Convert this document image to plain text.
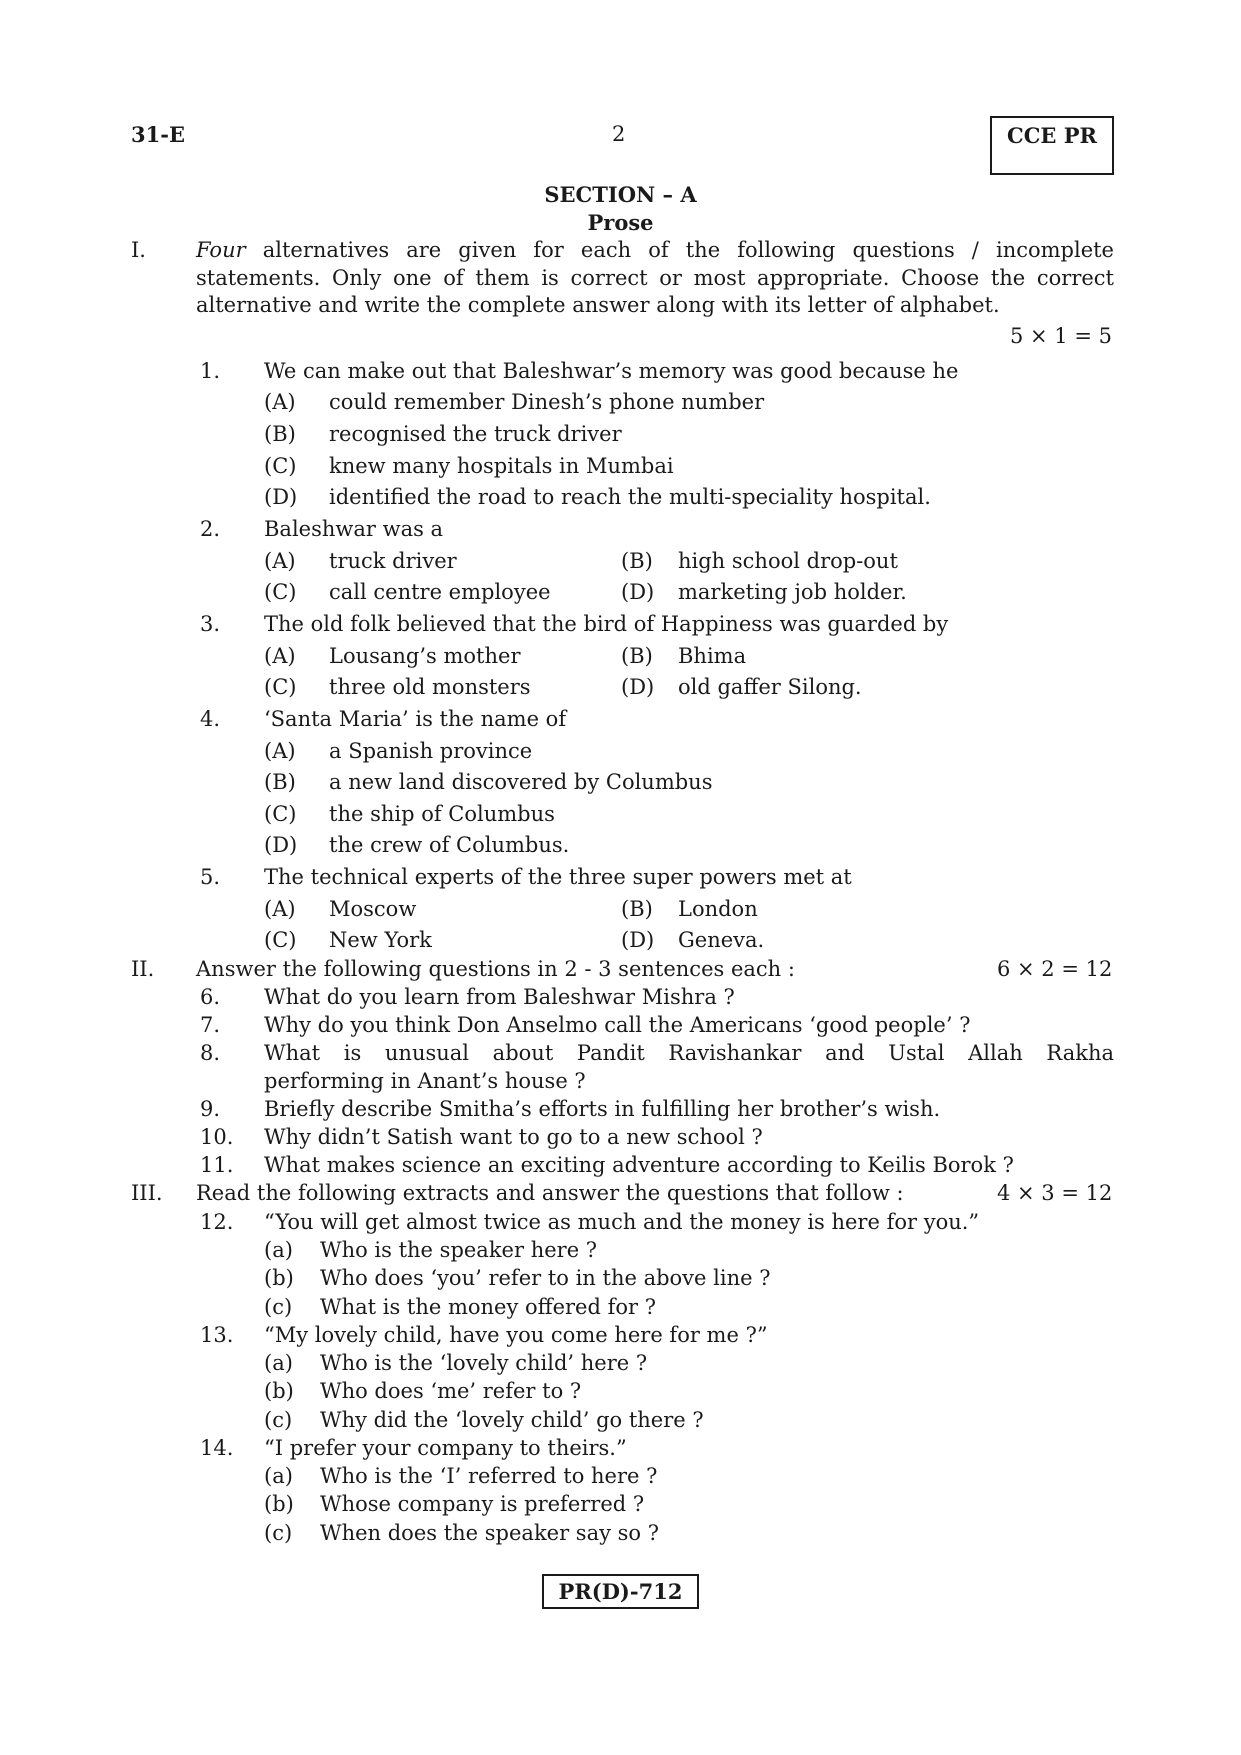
31-E	2	CCE PR
SECTION – A
Prose
I. Four alternatives are given for each of the following questions / incomplete
statements. Only one of them is correct or most appropriate. Choose the correct
alternative and write the complete answer along with its letter of alphabet.
5 × 1 = 5
1. We can make out that Baleshwar’s memory was good because he
(A) could remember Dinesh’s phone number
(B) recognised the truck driver
(C) knew many hospitals in Mumbai
(D) identified the road to reach the multi-speciality hospital.
2. Baleshwar was a
(A) truck driver	(B) high school drop-out
(C) call centre employee	(D) marketing job holder.
3. The old folk believed that the bird of Happiness was guarded by
(A) Lousang’s mother	(B) Bhima
(C) three old monsters	(D) old gaffer Silong.
4. ‘Santa Maria’ is the name of
(A) a Spanish province
(B) a new land discovered by Columbus
(C) the ship of Columbus
(D) the crew of Columbus.
5. The technical experts of the three super powers met at
(A) Moscow	(B) London
(C) New York	(D) Geneva.
II. Answer the following questions in 2 - 3 sentences each :	6 × 2 = 12
6. What do you learn from Baleshwar Mishra ?
7. Why do you think Don Anselmo call the Americans ‘good people’ ?
8. What is unusual about Pandit Ravishankar and Ustal Allah Rakha
performing in Anant’s house ?
9. Briefly describe Smitha’s efforts in fulfilling her brother’s wish.
10. Why didn’t Satish want to go to a new school ?
11. What makes science an exciting adventure according to Keilis Borok ?
III. Read the following extracts and answer the questions that follow :	4 × 3 = 12
12. “You will get almost twice as much and the money is here for you.”
(a) Who is the speaker here ?
(b) Who does ‘you’ refer to in the above line ?
(c) What is the money offered for ?
13. “My lovely child, have you come here for me ?”
(a) Who is the ‘lovely child’ here ?
(b) Who does ‘me’ refer to ?
(c) Why did the ‘lovely child’ go there ?
14. “I prefer your company to theirs.”
(a) Who is the ‘I’ referred to here ?
(b) Whose company is preferred ?
(c) When does the speaker say so ?
PR(D)-712
